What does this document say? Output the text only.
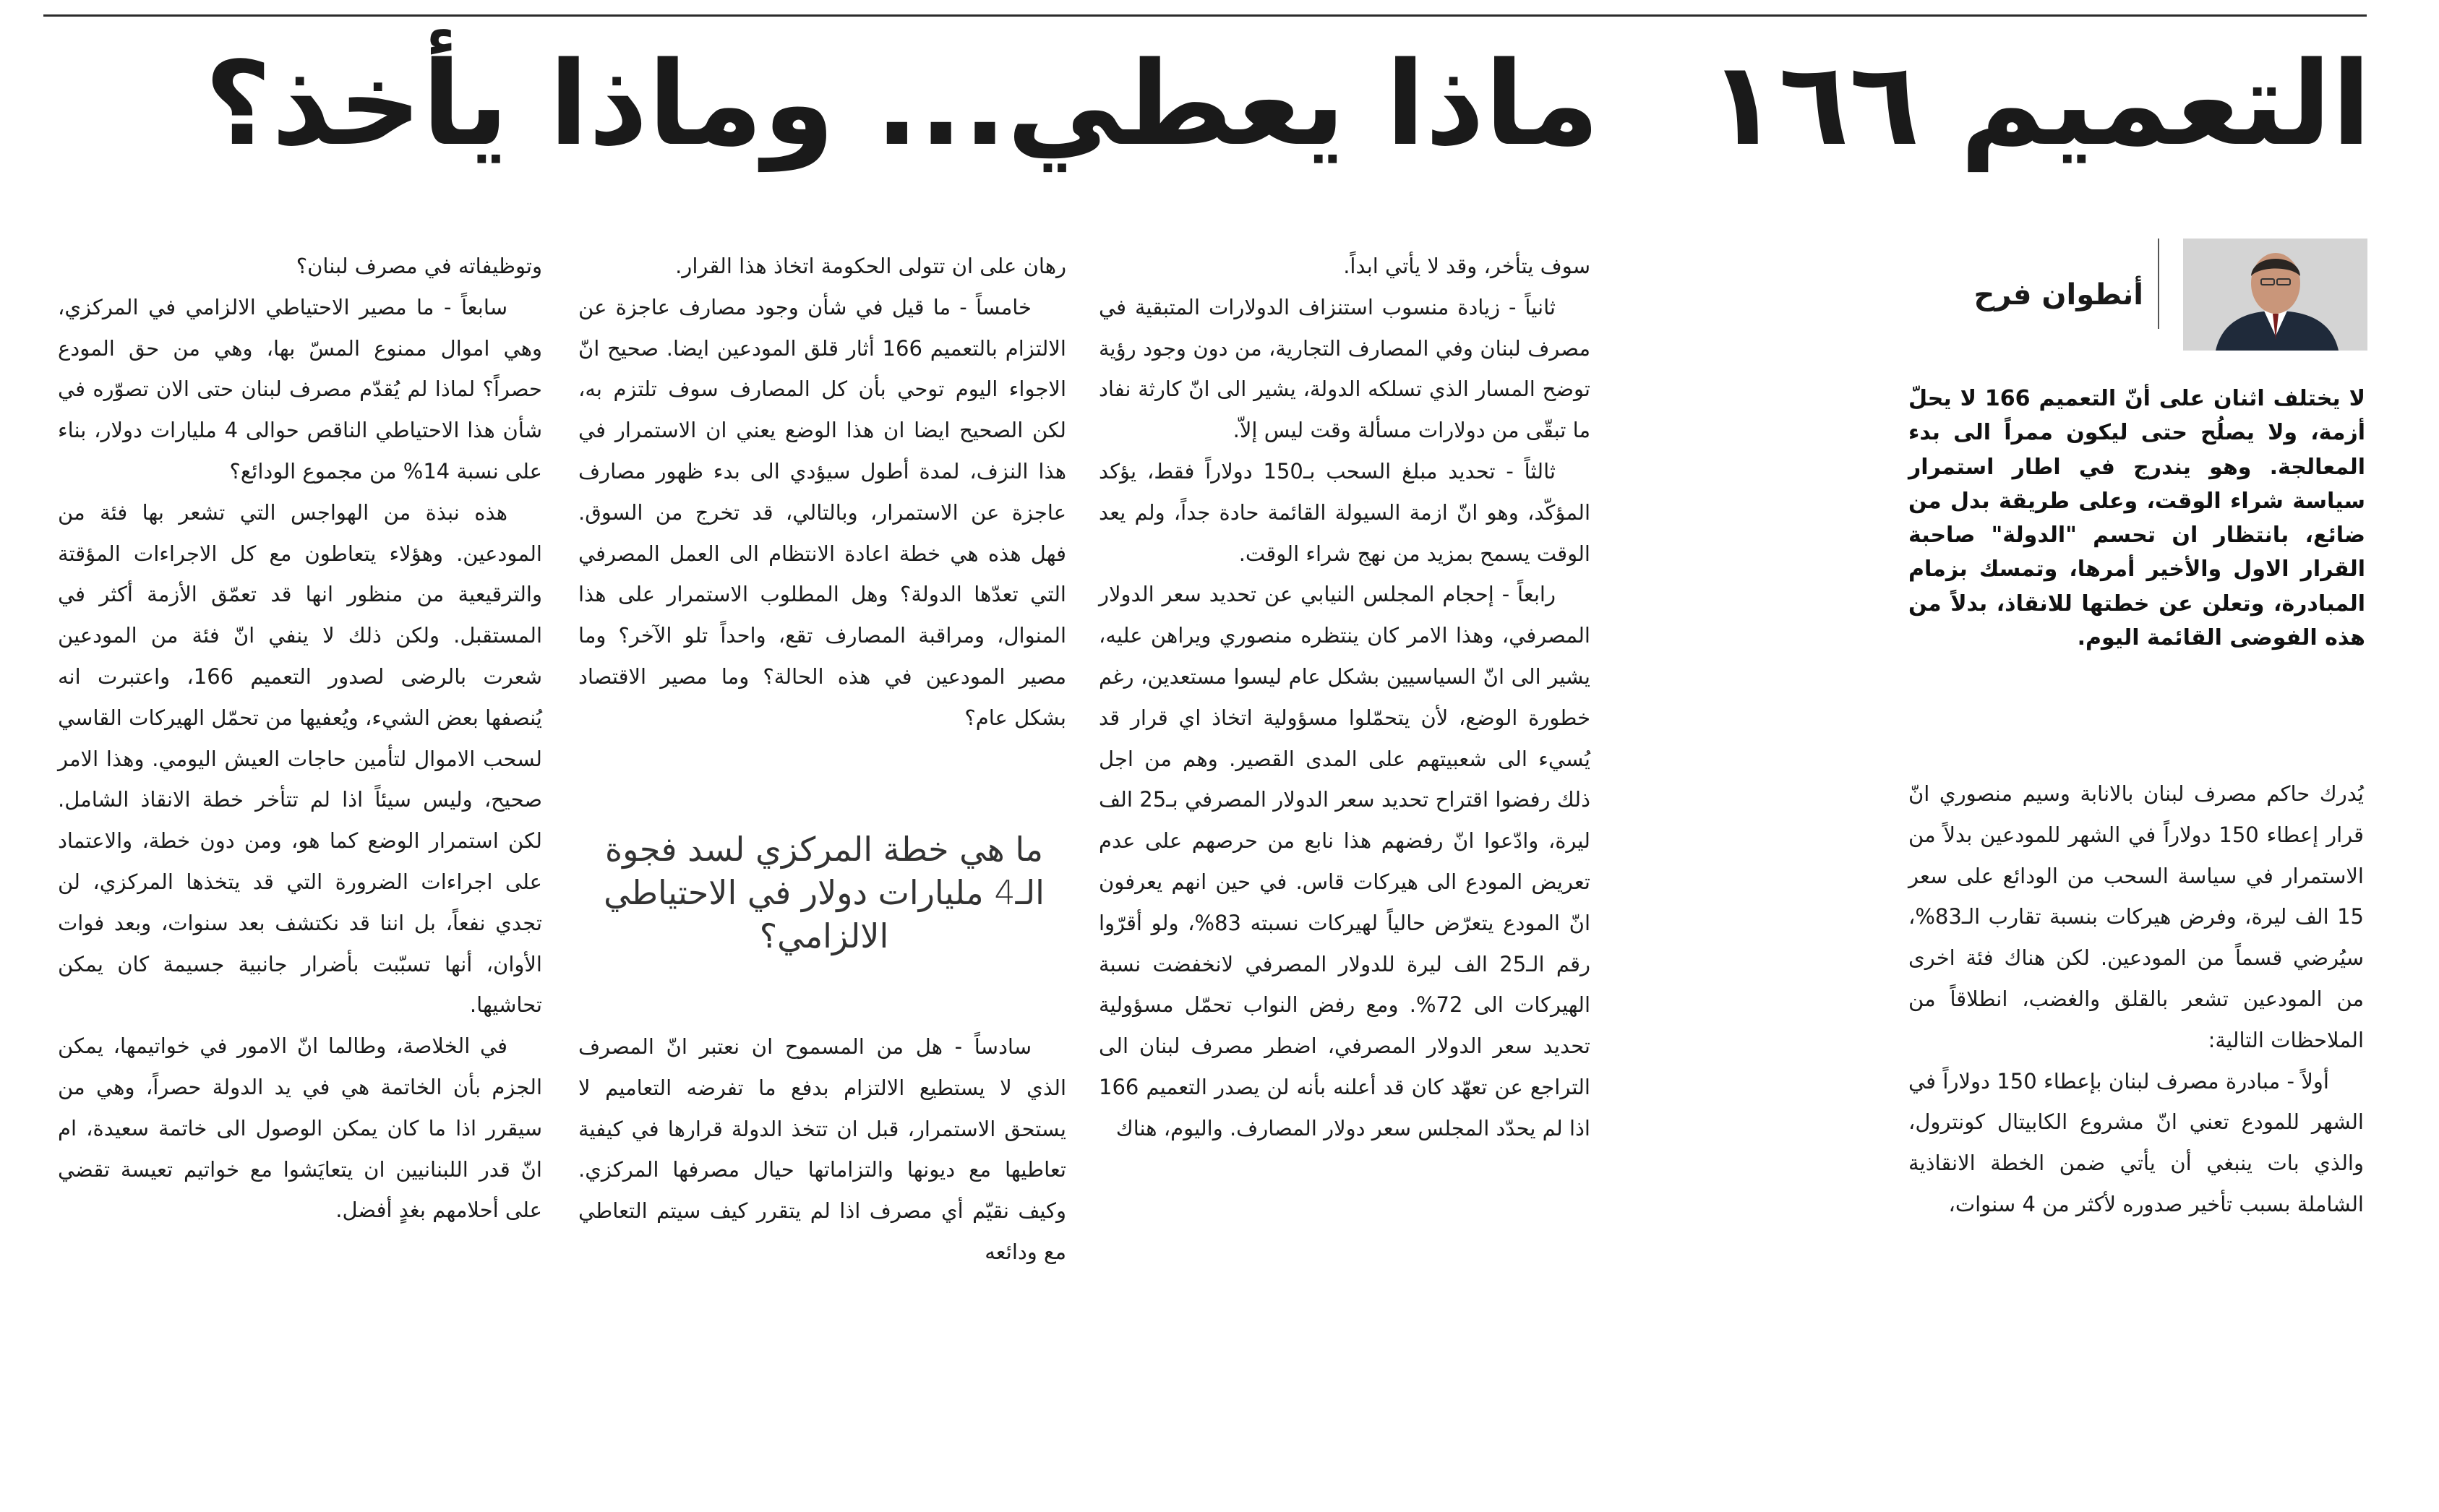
التعميم ١٦٦ماذا يعطي... وماذا يأخذ؟
أنطوان فرح
لا يختلف اثنان على أنّ التعميم 166 لا يحلّ أزمة، ولا يصلُح حتى ليكون ممراً الى بدء المعالجة. وهو يندرج في اطار استمرار سياسة شراء الوقت، وعلى طريقة بدل من ضائع، بانتظار ان تحسم "الدولة" صاحبة القرار الاول والأخير أمرها، وتمسك بزمام المبادرة، وتعلن عن خطتها للانقاذ، بدلاً من هذه الفوضى القائمة اليوم.

يُدرك حاكم مصرف لبنان بالانابة وسيم منصوري انّ قرار إعطاء 150 دولاراً في الشهر للمودعين بدلاً من الاستمرار في سياسة السحب من الودائع على سعر 15 الف ليرة، وفرض هيركات بنسبة تقارب الـ83%، سيُرضي قسماً من المودعين. لكن هناك فئة اخرى من المودعين تشعر بالقلق والغضب، انطلاقاً من الملاحظات التالية:

أولاً - مبادرة مصرف لبنان بإعطاء 150 دولاراً في الشهر للمودع تعني انّ مشروع الكابيتال كونترول، والذي بات ينبغي أن يأتي ضمن الخطة الانقاذية الشاملة بسبب تأخير صدوره لأكثر من 4 سنوات،

سوف يتأخر، وقد لا يأتي ابداً.

ثانياً - زيادة منسوب استنزاف الدولارات المتبقية في مصرف لبنان وفي المصارف التجارية، من دون وجود رؤية توضح المسار الذي تسلكه الدولة، يشير الى انّ كارثة نفاد ما تبقّى من دولارات مسألة وقت ليس إلاّ.

ثالثاً - تحديد مبلغ السحب بـ150 دولاراً فقط، يؤكد المؤكّد، وهو انّ ازمة السيولة القائمة حادة جداً، ولم يعد الوقت يسمح بمزيد من نهج شراء الوقت.

رابعاً - إحجام المجلس النيابي عن تحديد سعر الدولار المصرفي، وهذا الامر كان ينتظره منصوري ويراهن عليه، يشير الى انّ السياسيين بشكل عام ليسوا مستعدين، رغم خطورة الوضع، لأن يتحمّلوا مسؤولية اتخاذ اي قرار قد يُسيء الى شعبيتهم على المدى القصير. وهم من اجل ذلك رفضوا اقتراح تحديد سعر الدولار المصرفي بـ25 الف ليرة، وادّعوا انّ رفضهم هذا نابع من حرصهم على عدم تعريض المودع الى هيركات قاس. في حين انهم يعرفون انّ المودع يتعرّض حالياً لهيركات نسبته 83%، ولو أقرّوا رقم الـ25 الف ليرة للدولار المصرفي لانخفضت نسبة الهيركات الى 72%. ومع رفض النواب تحمّل مسؤولية تحديد سعر الدولار المصرفي، اضطر مصرف لبنان الى التراجع عن تعهّد كان قد أعلنه بأنه لن يصدر التعميم 166 اذا لم يحدّد المجلس سعر دولار المصارف. واليوم، هناك

رهان على ان تتولى الحكومة اتخاذ هذا القرار.

خامساً - ما قيل في شأن وجود مصارف عاجزة عن الالتزام بالتعميم 166 أثار قلق المودعين ايضا. صحيح انّ الاجواء اليوم توحي بأن كل المصارف سوف تلتزم به، لكن الصحيح ايضا ان هذا الوضع يعني ان الاستمرار في هذا النزف، لمدة أطول سيؤدي الى بدء ظهور مصارف عاجزة عن الاستمرار، وبالتالي، قد تخرج من السوق. فهل هذه هي خطة اعادة الانتظام الى العمل المصرفي التي تعدّها الدولة؟ وهل المطلوب الاستمرار على هذا المنوال، ومراقبة المصارف تقع، واحداً تلو الآخر؟ وما مصير المودعين في هذه الحالة؟ وما مصير الاقتصاد بشكل عام؟

ما هي خطة المركزي لسد فجوة الـ4 مليارات دولار في الاحتياطي الالزامي؟

سادساً - هل من المسموح ان نعتبر انّ المصرف الذي لا يستطيع الالتزام بدفع ما تفرضه التعاميم لا يستحق الاستمرار، قبل ان تتخذ الدولة قرارها في كيفية تعاطيها مع ديونها والتزاماتها حيال مصرفها المركزي. وكيف نقيّم أي مصرف اذا لم يتقرر كيف سيتم التعاطي مع ودائعه

وتوظيفاته في مصرف لبنان؟

سابعاً - ما مصير الاحتياطي الالزامي في المركزي، وهي اموال ممنوع المسّ بها، وهي من حق المودع حصراً؟ لماذا لم يُقدّم مصرف لبنان حتى الان تصوّره في شأن هذا الاحتياطي الناقص حوالى 4 مليارات دولار، بناء على نسبة 14% من مجموع الودائع؟

هذه نبذة من الهواجس التي تشعر بها فئة من المودعين. وهؤلاء يتعاطون مع كل الاجراءات المؤقتة والترقيعية من منظور انها قد تعمّق الأزمة أكثر في المستقبل. ولكن ذلك لا ينفي انّ فئة من المودعين شعرت بالرضى لصدور التعميم 166، واعتبرت انه يُنصفها بعض الشيء، ويُعفيها من تحمّل الهيركات القاسي لسحب الاموال لتأمين حاجات العيش اليومي. وهذا الامر صحيح، وليس سيئاً اذا لم تتأخر خطة الانقاذ الشامل. لكن استمرار الوضع كما هو، ومن دون خطة، والاعتماد على اجراءات الضرورة التي قد يتخذها المركزي، لن تجدي نفعاً، بل اننا قد نكتشف بعد سنوات، وبعد فوات الأوان، أنها تسبّبت بأضرار جانبية جسيمة كان يمكن تحاشيها.

في الخلاصة، وطالما انّ الامور في خواتيمها، يمكن الجزم بأن الخاتمة هي في يد الدولة حصراً، وهي من سيقرر اذا ما كان يمكن الوصول الى خاتمة سعيدة، ام انّ قدر اللبنانيين ان يتعايَشوا مع خواتيم تعيسة تقضي على أحلامهم بغدٍ أفضل.
